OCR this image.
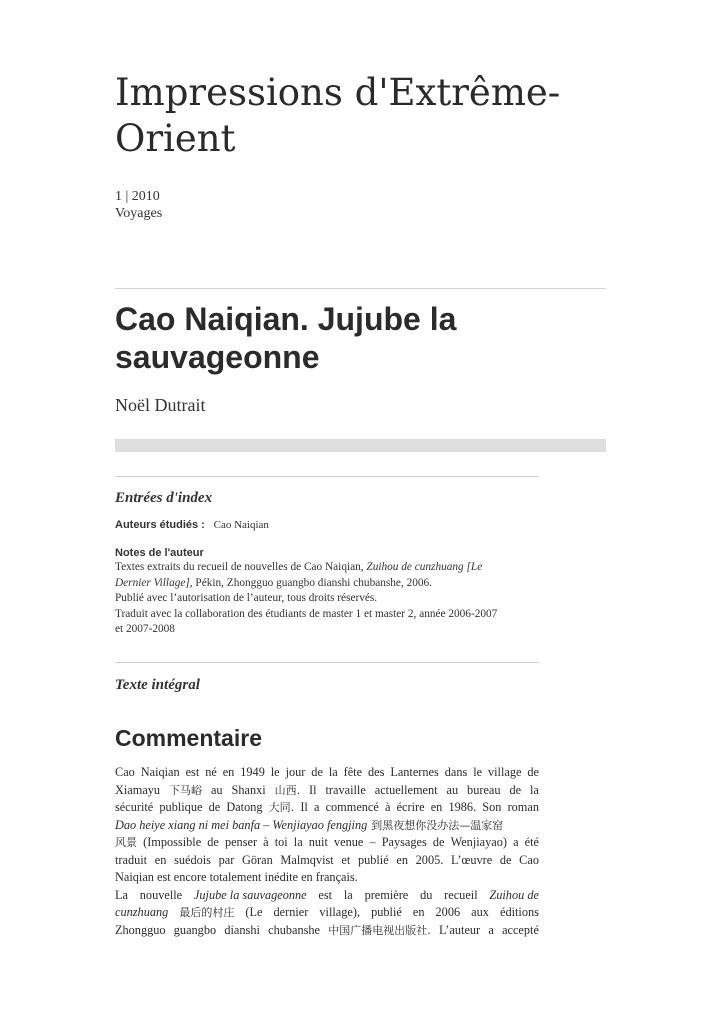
Impressions d'Extrême-Orient
1 | 2010
Voyages
Cao Naiqian. Jujube la sauvageonne
Noël Dutrait
Entrées d'index
Auteurs étudiés : Cao Naiqian
Notes de l'auteur
Textes extraits du recueil de nouvelles de Cao Naiqian, Zuihou de cunzhuang [Le
Dernier Village], Pékin, Zhongguo guangbo dianshi chubanshe, 2006.
Publié avec l’autorisation de l’auteur, tous droits réservés.
Traduit avec la collaboration des étudiants de master 1 et master 2, année 2006-2007
et 2007-2008
Texte intégral
Commentaire
Cao Naiqian est né en 1949 le jour de la fête des Lanternes dans le village de
Xiamayu 下马峪 au Shanxi 山西. Il travaille actuellement au bureau de la
sécurité publique de Datong 大同. Il a commencé à écrire en 1986. Son roman
Dao heiye xiang ni mei banfa – Wenjiayao fengjing 到黑夜想你没办法—温家窑
风景 (Impossible de penser à toi la nuit venue – Paysages de Wenjiayao) a été
traduit en suédois par Göran Malmqvist et publié en 2005. L’œuvre de Cao
Naiqian est encore totalement inédite en français.
La nouvelle Jujube la sauvageonne est la première du recueil Zuihou de
cunzhuang 最后的村庄 (Le dernier village), publié en 2006 aux éditions
Zhongguo guangbo dianshi chubanshe 中国广播电视出版社. L’auteur a accepté
